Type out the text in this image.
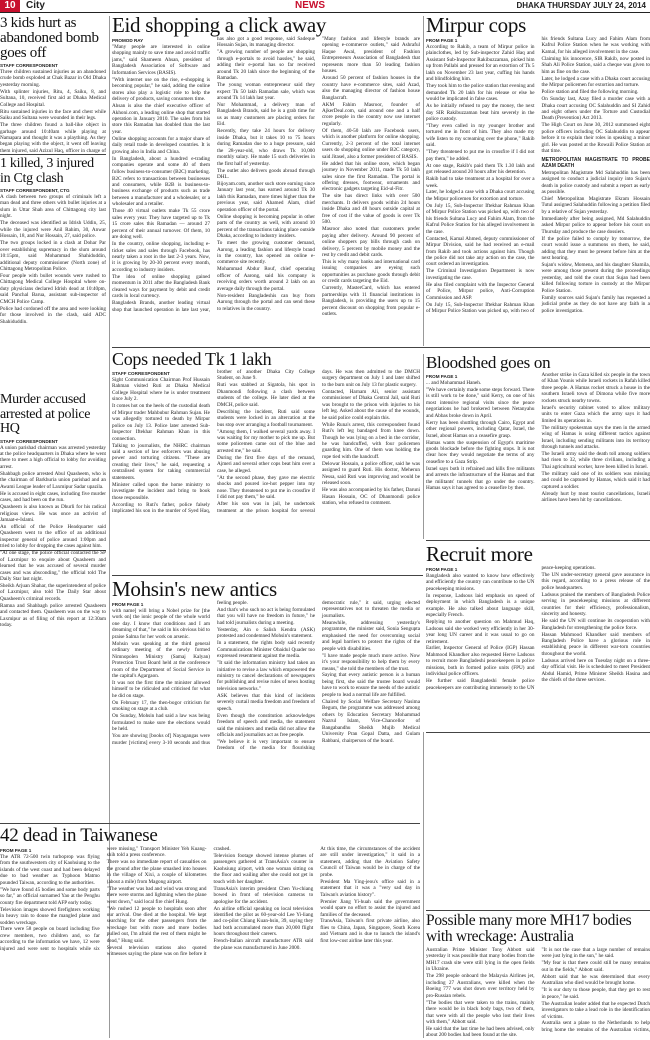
10	City	NEWS	DHAKA THURSDAY JULY 24, 2014
3 kids hurt as abandoned bomb goes off
STAFF CORRESPONDENT

Three children sustained injuries as an abandoned crude bomb exploded at Chak Bazar in Old Dhaka yesterday morning.

With splinter injuries, Ritu, 4, Saiku, 8, and Sultana, 10, received first aid at Dhaka Medical College and Hospital.

Ritu sustained injuries in the face and chest while Saiku and Sultana were wounded in their legs.

The three children found a ball-like object in garbage around 10:40am while playing at Namapara and thought it was a plaything. As they began playing with the object, it went off leaving them injured, said Azizul Haq, officer in charge of

1 killed, 3 injured in Ctg clash
STAFF CORRESPONDENT, CTG

A clash between two groups of criminals left a man dead and three others with bullet injuries at a slum in Uttar Shah area of Chittagong city last night.

The deceased was identified as Idrish Uddin, 25, while the injured were Anil Rahim, 30, Anwar Hossain, 18, and Nur Hossain, 27, said police.

The two groups locked in a clash at Dohar Par over establishing supremacy in the slum around 10:15pm, said Mohammad Shahiduddin, additional deputy commissioner (North zone) of Chittagong Metropolitan Police.

Four people with bullet wounds were rushed to Chittagong Medical College Hospital where on-duty physicians declared Idrish dead at 10:40pm, said Panchal Barua, assistant sub-inspector of CMCH Police Camp.

Police had cordoned off the area and were looking for those involved in the clash, said ADC Shahiduddin.

Murder accused arrested at police HQ
STAFF CORRESPONDENT

A union parishad chairman was arrested yesterday at the police headquarters in Dhaka where he went there to meet a high official to lobby for avoiding arrest.

Shahbagh police arrested Abul Quasheem, who is the chairman of Barkhuria union parishad and an Awami League leader of Laxmipur Sadar upazila.

He is accused in eight cases, including five murder cases, and had been on the run.

Quasheem is also known as Dhurli for his radical religious views. He was once an activist of Jamaat-e-Islami.

An official of the Police Headquarter said Quasheem went to the office of an additional inspector general of police around 1:00pm and tried to lobby for dropping the cases against him.

"At one stage, the police official contacted the SP of Laxmipur to enquire about Quasheem and learned that he was accused of several murder cases and was absconding," the official told The Daily Star last night.

Sheikh Arjuan Shahar, the superintendent of police of Laxmipur, also told The Daily Star about Quasheem's criminal records.

Ramna and Shahbagh police arrested Quasheem and contacted them. Quasheem was on the way to Laxmipur as of filing of this report at 12:30am today.

Eid shopping a click away
PROMOD RAY

"Many people are interested in online shopping mainly to save time and avoid traffic jams," said Shameem Ahsan, president of Bangladesh Association of Software and Information Services (BASIS).

"With internet use on the rise, e-shopping is becoming popular," he said, adding the online stores also play a logistic role to help the delivery of products, saving consumers time.

Ahsan is also the chief executive officer of Akhoni.com, a leading online shop that started operation in January 2010. The sales from his store this Ramadan has doubled than the last year.

Online shopping accounts for a major share of daily retail trade in developed countries. It is growing also in India and China.

In Bangladesh, about a hundred e-trading companies operate and some 40 of them follow business-to-consumer (B2C) marketing.

B2C refers to transactions between businesses and consumers, while B2B is business-to-business exchange of products such as trade between a manufacturer and a wholesaler, or a wholesaler and a retailer.

Those 40 virtual outlets make Tk 55 crore sales every year. They have targeted up to Tk 15 crore sales this Ramadan — around 27 percent of their annual turnover. Of them, 10 are doing well.

In the country, online shopping, including e-ticket sales and sales through Facebook, has nearly taken a root in the last 2-3 years. Now, it is growing by 20-30 percent every month, according to industry insiders.

The idea of online shopping gained momentum in 2011 after the Bangladesh Bank cleared ways for payment by debit and credit cards in local currency.

Bangladesh Brands, another leading virtual shop that launched operation in late last year, has also got a good response, said Sadeque Hossain Sujan, its managing director.

"A growing number of people are shopping through e-portals to avoid hassles," he said, adding their e-portal has so far received around Tk 20 lakh since the beginning of the Ramadan.

The young woman entrepreneur said they expect Tk 50 lakh Ramadan sale, which was around Tk 14 lakh last year.

Nur Mohammad, a delivery man of Bangladesh Brands, said he is a grab time for us as many customers are placing orders for Eid.

Recently, they take 24 hours for delivery inside Dhaka, but it takes 10 to 75 hours during Ramadan due to a huge pressure, said the 28-year-old, who draws Tk 10,000 monthly salary. He made 15 such deliveries in the first half of yesterday.

The outlet also delivers goods abroad through DHL.

Bijoyam.com, another such store earning since January last year, has earned around Tk 30 lakh this Ramadan, more times higher than the previous year, said Ahamed Alam, chief operation officer of the portal.

Online shopping is becoming popular in other parts of the country as well, with around 10 percent of the transactions taking place outside Dhaka, according to industry insiders.

To meet the growing customer demand, Aarong, a leading fashion and lifestyle brand in the country, has opened an online e-commerce site recently.

Mohammad Abdur Rouf, chief operating officer of Aarong, said his company is receiving orders worth around 2 lakh on an average daily through the portal.

Non-resident Bangladeshis can buy from Aarong through the portal and can send these to relatives in the country.

"Many fashion and lifestyle brands are opening e-commerce outlets," said Ashraful Haque Awal, president of Fashion Entrepreneurs Association of Bangladesh that represents more than 50 leading fashion houses.

Around 50 percent of fashion houses in the country have e-commerce sites, said Azad, also the managing director of fashion house Banglacraft.

AKM Fahim Masroor, founder of AjkerDeal.com, said around one and a half crore people in the country now use internet regularly.

Of them, 40-50 lakh are Facebook users, which is another platform for online shopping. Currently, 2-3 percent of the total internet users do shopping online under B2C category, said Jitasel, also a former president of BASIS.

He added that his online store, which began journey in November 2011, made Tk 50 lakh sales since the first Ramadan. The portal is offering dresses, footwear, ornaments and electronic gadgets targeting Eid-ul-Fitr.

The site has direct links with over 500 merchants. It delivers goods within 24 hours inside Dhaka and 48 hours outside capital at free of cost if the value of goods is over Tk 500.

Masroor also noted that customers prefer paying after delivery. Around 90 percent of online shoppers pay bills through cash on delivery, 5 percent by mobile money and the rest by credit and debit cards.

This is why many banks and international card issuing companies are eyeing such opportunities as purchase goods through debit or credit cards targeting the Eid.

Currently, MasterCard, which has entered partnerships with 11 financial institutions in Bangladesh, is providing the users up to 15 percent discount on shopping from popular e-outlets.

Mirpur cops
FROM PAGE 1

According to Rakib, a team of Mirpur police in plainclothes, led by Sub-inspector Zahid Haq and Assistant Sub-Inspector Rakibuzzaman, picked him up from Pallabi and pressed for an extortion of Tk 5 lakh on November 23 last year, cuffing his hands and blindfolding him.

They took him to the police station that evening and demanded Tk 20 lakh for his release or else he would be implicated in false cases.

As he initially refused to pay the money, the next day SIR Rakibuzzaman beat him severely in the police custody.

"They even called in my younger brother and tortured me in front of him. They also made my wife listen to my screaming over the phone," Rakib said.

"They threatened to put me in crossfire if I did not pay them," he added.

At one stage, Rakib's paid them Tk 1.30 lakh and got released around 20 hours after his detention.

Rakib had to take treatment at a hospital for over a week.

Later, he lodged a case with a Dhaka court accusing the Mirpur policemen for extortion and torture.

On July 15, Sub-Inspector Iftekhar Rahman Khan of Mirpur Police Station was picked up, with two of his friends Sultana Lucy and Fahim Alam, from the Kafrul Police Station for his alleged involvement in the case.

Contacted, Kamal Ahmed, deputy commissioner of Mirpur Division, said he had received an e-mail from Rakib and took actions against him. Though the police did not take any action on the case, the court ordered an investigation.

The Criminal Investigation Department is now investigating the case.

He also filed complaint with the Inspector General of Police, Mirpur police, Anti-Corruption Commission and ASP.

On July 15, Sub-Inspector Iftekhar Rahman Khan of Mirpur Police Station was picked up, with two of his friends Sultana Lucy and Fahim Alam from Kafrul Police Station when he was working with Kamal, for his alleged involvement in the case.

Claiming his innocence, SIR Rakib, now posted in Shah Ali Police Station, said a cheque was given to him as fine on the case.

Later, he lodged a case with a Dhaka court accusing the Mirpur policemen for extortion and torture.

Police station and filed the following morning.

On Sunday last, Azay filed a murder case with a Dhaka court accusing OC Salahuddin and SI Zahid and eight others under the Torture and Custodial Death (Prevention) Act 2013.

The High Court on June 30, 2012 summoned eight police officers including OC Salahuddin to appear before it to explain their roles in speaking a minor girl. He was posted at the Rowaili Police Station at that time.

METROPOLITAN MAGISTRATE TO PROBE AZAM DEATH

Metropolitan Magistrate Md Salahuddin has been assigned to conduct a judicial inquiry into Sujan's death in police custody and submit a report as early as possible.

Chief Metropolitan Magistrate Ekram Hossain Tutul assigned Salahuddin following a petition filed by a relative of Sujan yesterday.

Immediately after being assigned, Md Salahuddin asked Mirpur police to appear before his court on Thursday and produce the case dossiers.

If the police failed to comply by tomorrow, the court would issue a summons on them, he said, adding that they must be present before him at the next hearing.

Sujan's widow, Momena, and his daughter Shamila, were among those present during the proceedings yesterday, and told the court that Sujan had been killed following torture in custody at the Mirpur Police Station.

Family sources said Sujan's family has requested a judicial probe as they do not have any faith in a police investigation.

Cops needed Tk 1 lakh
STAFF CORRESPONDENT

Sight Communication Chairman Prof Hussain Rahman visited Ruti at Dhaka Medical College Hospital where he is under treatment since July 2.

It comes hot on the heels of the custodial death of Mirpur trader Mahbubur Rahman Sujan. He was allegedly tortured to death by Mirpur police on July 13. Police later arrested Sub-Inspector Iftekhar Rahman Khan in this connection.

Talking to journalists, the NHRC chairman said a section of law enforcers was abusing power and torturing citizens. "These are creating their lives," he said, requesting a centralised system for taking commercial statements.

Minister called upon the home ministry to investigate the incident and bring to book those responsible.

According to Ruti's father, police falsely implicated his son in the murder of Syed Haq, brother of another Dhaka City College Student, on June 9.

Ruti was stabbed at Sigatola, his spot in Dhanmondi following a clash between students of the college. He later died at the DMCH, police said.

Describing the incident, Ruti said some students were locked in an altercation at the bus stop over arranging a football tournament.

"Among them, I walked several yards away. I was waiting for my mother to pick me up. But some policemen came out of the blue and arrested me," he said.

During the first five days of the remand, Ajmeri and several other cops beat him over a case, he alleged.

"At the second phase, they gave me electric shocks and poured ice-hot pepper into my nose. They threatened to put me in crossfire if I did not pay them," he said.

After his son was in jail, he undertook treatment at the prison hospital for several days. He was then admitted to the DMCH surgery department on July 1 and later shifted to the burn unit on July 13 for plastic surgery.

Contacted, Harnam Ali, senior assistant commissioner of Dhaka Central Jail, said Ruti was brought to the prison with injuries to his left leg. Asked about the cause of the wounds, he said police could explain this.

While Runa's arrest, this correspondent found Ruti's left leg bandaged from knee down. Though he was lying on a bed in the corridor, he was handcuffed, with four policemen guarding him. One of them was holding the rope tied with the handcuff.

Delowar Hossain, a police officer, said he was assigned to guard Ruti. His doctor, Meherun Nessa, said Ruti was improving and would be released soon.

He was also accompanied by his father, Daruni Hasan Hossain, OC of Dhanmondi police station, who refused to comment.

Bloodshed goes on
FROM PAGE 1

... and Mohammad Haneh.

"We have certainly made some steps forward. There is still work to be done," said Kerry, on one of his most intensive regional visits since the peace negotiations he had brokered between Netanyahu and Abbas broke down in April.

Kerry has been shuttling through Cairo, Egypt and other regional powers, including Qatar, Israel, the Israel, about Hamas on a ceasefire grasp.

Hamas wants the suspension of Egypt's maritime goods blockade before the fighting stops. It is not clear how they would negotiate the terms of any ceasefire to a Gaza Strip.

Israel says both it refrained and kills five militants and arrests the infrastructure of the Hamas and that the militants' tunnels that go under the country. Hamas says it has agreed to a ceasefire by then.

Another strike in Gaza killed six people in the town of Khan Younis while Israeli rockets in Rafah killed three people. A Hamas rocket struck a house in the southern Israeli town of Dimona while five more rockets struck nearby towns.

Israel's security cabinet voted to allow military units to enter Gaza which the army says it had limited its operations in.

The military spokesman says the men in the armed wing of Hamas is using different tactics against Israel, including sending militants into its territory through tunnels and attacks.

The Israeli army said the death toll among soldiers had risen to 32, while three civilians, including a Thai agricultural worker, have been killed in Israel.

The military said one of its soldiers was missing and could be captured by Hamas, which said it had captured a soldier.

Already hurt by most tourist cancellations, Israeli airlines have been hit by cancellations.

Mohsin's new antics
FROM PAGE 1

with name] will bring a Nobel prize for [the work on] the ionic people of the whole world one day. I know that conditions and I am dreaming of that," he said in his obvious bid to praise Salma for her work on arsenic.

Mohsin was speaking at the third general ordinary meeting of the newly formed Nimnopolen Ministry (Samaj Kalyan) Protection Trust Board held at the conference room of the Department of Social Service in the capital's Agargaon.

It was not the first time the minister allowed himself to be ridiculed and criticised for what he did on stage.

On February 17, the then-bogor criticism for smoking on stage at a club.

On Sunday, Mohsin had said a law was being formulated to make sure the elections would be held.

You are showing [books of] Nayagangas were murder [victims] every 3-10 seconds and thus feeling people.

And that's who such no act is being formulated that you will have no freedom in future," he had told journalists during a meeting.

Yesterday, Ain o Salish Kendra (ASK) protested and condemned Mohsin's statement.

In a statement, the rights body said recently Communications Minister Obaidul Quader too expressed resentment against the media.

"It said the information ministry had taken an initiative to revise a law which empowered the ministry to cancel declarations of newspapers for publishing and revise rules of news hosting television networks."

ASK believes that this kind of incidents severely curtail media freedom and freedom of speech.

Even though the constitution acknowledges freedom of speech and media, the statement said the ministers and media did not allow the officials and journalists act as free people.

"We believe it is very important to ensure freedom of the media for flourishing democratic rule," it said, urging elected representatives not to threaten the media or journalists.

Meanwhile, addressing yesterday's programme, the minister said, Sonia Sengupta emphasised the need for overcoming social and legal barriers to protect the rights of the people with disabilities.

"I have made people much more active. Now it's your responsibility to help them by every means," she told the members of the trust.

Saying that every autistic person is a human being first, she said the trustee board would have to work to ensure the needs of the autistic people to lead a normal life are fulfilled.

Chaired by Social Welfare Secretary Nasima Begum, the programme was addressed among others by Education Secretary Mohammad Nazrul Islam, Vice-Chancellor of Bangabandhu Sheikh Mujib Medical University Pran Gopal Datta, and Gulam Rabbani, chairperson of the board.

Recruit more
FROM PAGE 1

Bangladesh also wanted to know how effectively and efficiently the country can contribute to the UN peacekeeping missions.

In response, Ladsous laid emphasis on speed of deployment in which Bangladesh is a unique example. He also talked about language skill, especially French.

Replying to another question on Mahmud Haq, Ladsous said she worked very efficiently in her 30-year long UN career and it was usual to go on retirement.

Earlier, Inspector General of Police (IGP) Hassan Mahmood Khandker also requested Herve Ladsous to recruit more Bangladeshi peacekeepers in police missions, both in formed police units (FPU) and individual police officers.

He further said Bangladeshi female police peacekeepers are contributing immensely to the UN peace-keeping operations.

The UN under-secretary general gave assurance in this regard, according to a press release of the police headquarters.

Ladsous praised the members of Bangladesh Police serving in peacekeeping missions at different countries for their efficiency, professionalism, sincerity and honesty.

He said the UN will continue its cooperation with Bangladesh for strengthening the police force.

Hassan Mahmood Khandker said members of Bangladesh Police have a glorious role in establishing peace in different war-torn countries throughout the world.

Ladsous arrived here on Tuesday night on a three-day official visit. He is scheduled to meet President Abdul Hamid, Prime Minister Sheikh Hasina and the chiefs of the three services.

42 dead in Taiwanese
FROM PAGE 1

The ATR 72-500 twin turboprop was flying from the southwestern city of Kaohsiung to the islands of the west coast and had been delayed due to bad weather as Typhoon Matmo pounded Taiwan, according to the authorities.

"We have found 45 bodies and some body parts so far," an official surnamed Yao at the Penghu county fire department told AFP early today.

Television images showed firefighters working in heavy rain to douse the mangled plane and sodden wreckage.

There were 58 people on board including five crew members, two children and, so far according to the information we have, 12 were injured and were sent to hospitals while six were missing," Transport Minister Yeh Kuang-shih told a press conference.

There was no immediate report of casualties on the ground after the plane smashed into houses in the village of Xixi, a couple of kilometres (about a mile) from Magong airport.

"The weather was bad and wind was strong and there were storms and lightning when the plane went down," said local fire chief Hung.

"We rushed 12 people to hospitals soon after our arrival. One died at the hospital. We kept searching for the other passengers from the wreckage but with more and more bodies pulled out, I'm afraid the rest of them might be dead," Hung said.

Several television stations also quoted witnesses saying the plane was on fire before it crashed.

Television footage showed intense plumes of passengers gathered at TransAsia's counter in Kaohsiung airport, with one woman sitting on the floor and wailing after she could not get in touch with her daughter.

TransAsia's interim president Chen Yu-chiang bowed in front of television cameras to apologise for the accident.

An airline official speaking on local television identified the pilot as 60-year-old Lee Yi-liang and co-pilot Chiang Kuan-hsin, 39, saying they had both accumulated more than 20,000 flight hours throughout their careers.

French-Italian aircraft manufacturer ATR said the plane was manufactured in June 2000.

At this time, the circumstances of the accident are still under investigation," it said in a statement, adding that the Aviation Safety Council of Taiwan would be in charge of the probe.

President Ma Ying-jeou's office said in a statement that it was a "very sad day in Taiwan's aviation history".

Premier Jiang Yi-huah said the government would spare no effort to assist the injured and families of the deceased.

TransAsia, Taiwan's first private airline, also flies to China, Japan, Singapore, South Korea and Vietnam and is due to launch the island's first low-cost airline later this year.

Possible many more MH17 bodies with wreckage: Australia

Australian Prime Minister Tony Abbott said yesterday it was possible that many bodies from the MH17 crash site were still lying in the open fields in Ukraine.

The 298 people onboard the Malaysia Airlines jet, including 27 Australians, were killed when the Boeing 777 was shot down over territory held by pro-Russian rebels.

"The bodies that were taken to the trains, mainly there would be in black body bags, two of them, that were with all the people who lost their lives with them," Abbott said.

He said that the last time he had been advised, only about 200 bodies had been found at the site.

"It is not the case that a large number of remains were just lying in the sun," he said.

"My fear is that there could still be many remains out in the fields," Abbott said.

Abbott said that he was determined that every Australian who died would be brought home.

"It is our duty to those people, that they get to rest in peace," he said.

The Australian leader added that he expected Dutch investigators to take a lead role in the identification of victims.

Australia sent a plane to the Netherlands to help bring home the remains of the Australian victims,
